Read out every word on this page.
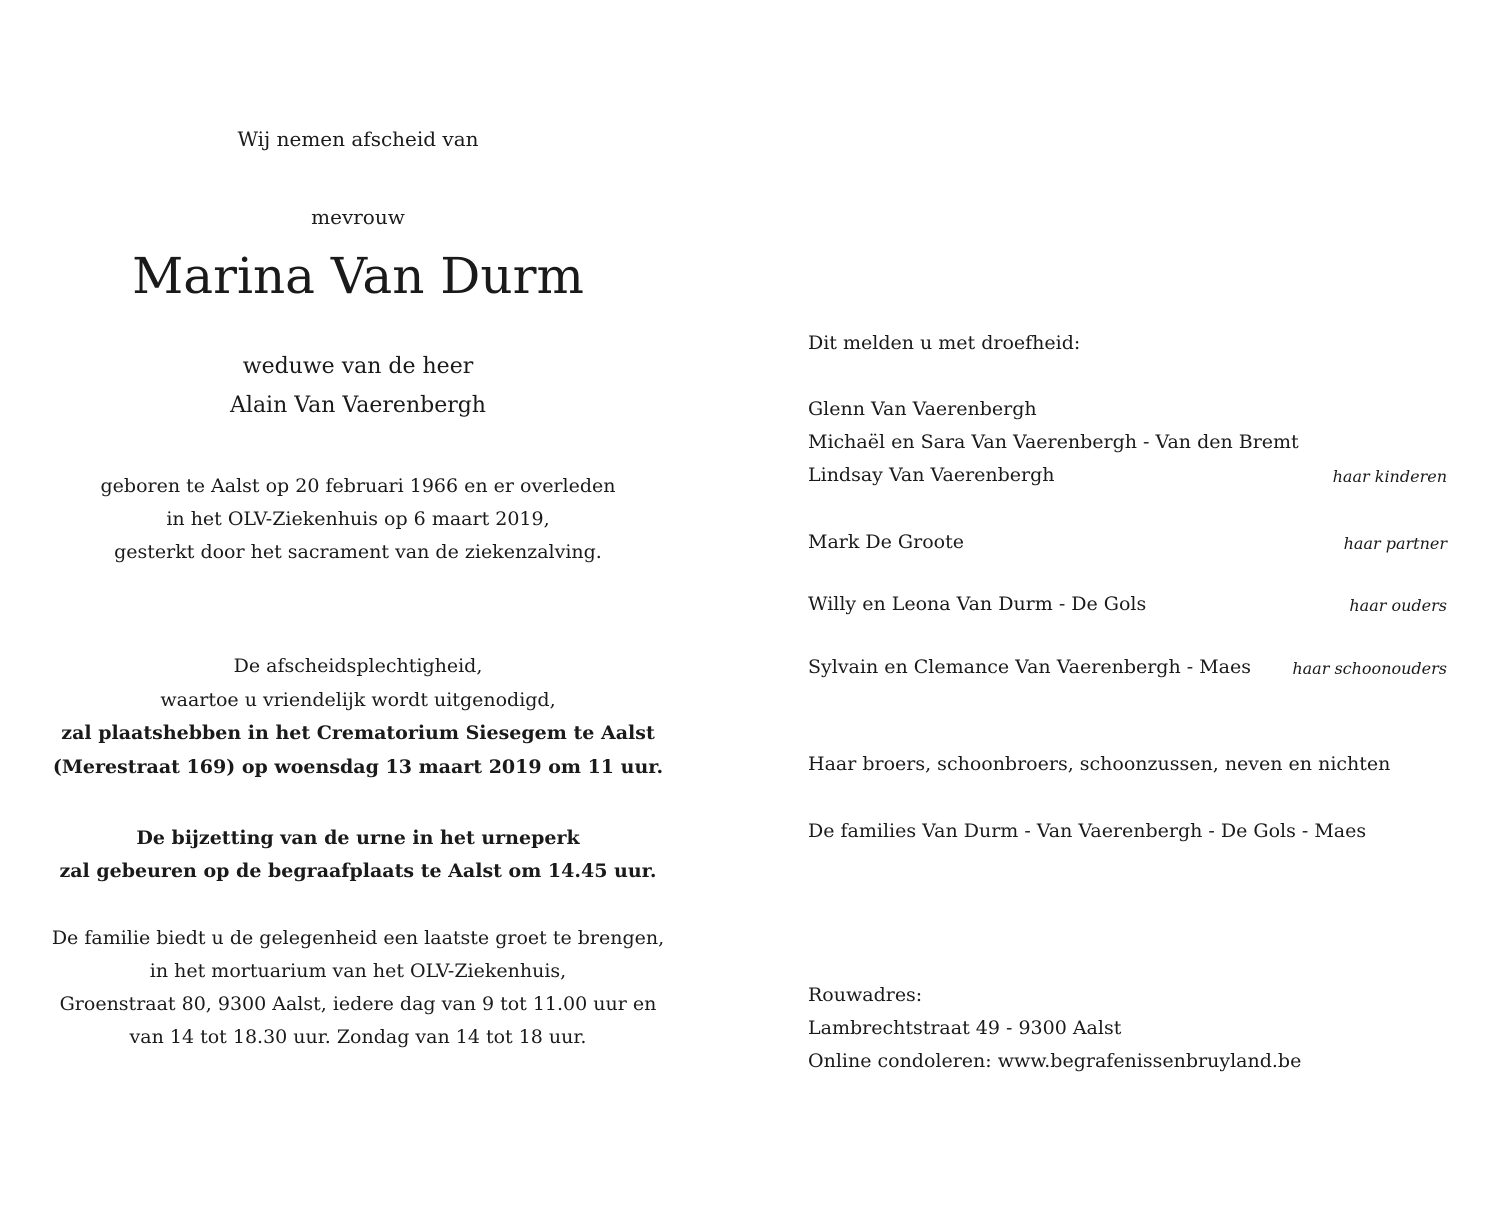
Wij nemen afscheid van
mevrouw
Marina Van Durm
weduwe van de heer
Alain Van Vaerenbergh
geboren te Aalst op 20 februari 1966 en er overleden
in het OLV-Ziekenhuis op 6 maart 2019,
gesterkt door het sacrament van de ziekenzalving.
De afscheidsplechtigheid,
waartoe u vriendelijk wordt uitgenodigd,
zal plaatshebben in het Crematorium Siesegem te Aalst
(Merestraat 169) op woensdag 13 maart 2019 om 11 uur.
De bijzetting van de urne in het urneperk
zal gebeuren op de begraafplaats te Aalst om 14.45 uur.
De familie biedt u de gelegenheid een laatste groet te brengen,
in het mortuarium van het OLV-Ziekenhuis,
Groenstraat 80, 9300 Aalst, iedere dag van 9 tot 11.00 uur en
van 14 tot 18.30 uur. Zondag van 14 tot 18 uur.
Dit melden u met droefheid:
Glenn Van Vaerenbergh
Michaël en Sara Van Vaerenbergh - Van den Bremt
Lindsay Van Vaerenbergh	haar kinderen
Mark De Groote	haar partner
Willy en Leona Van Durm - De Gols	haar ouders
Sylvain en Clemance Van Vaerenbergh - Maes	haar schoonouders
Haar broers, schoonbroers, schoonzussen, neven en nichten
De families Van Durm - Van Vaerenbergh - De Gols - Maes
Rouwadres:
Lambrechtstraat 49 - 9300 Aalst
Online condoleren: www.begrafenissenbruyland.be
